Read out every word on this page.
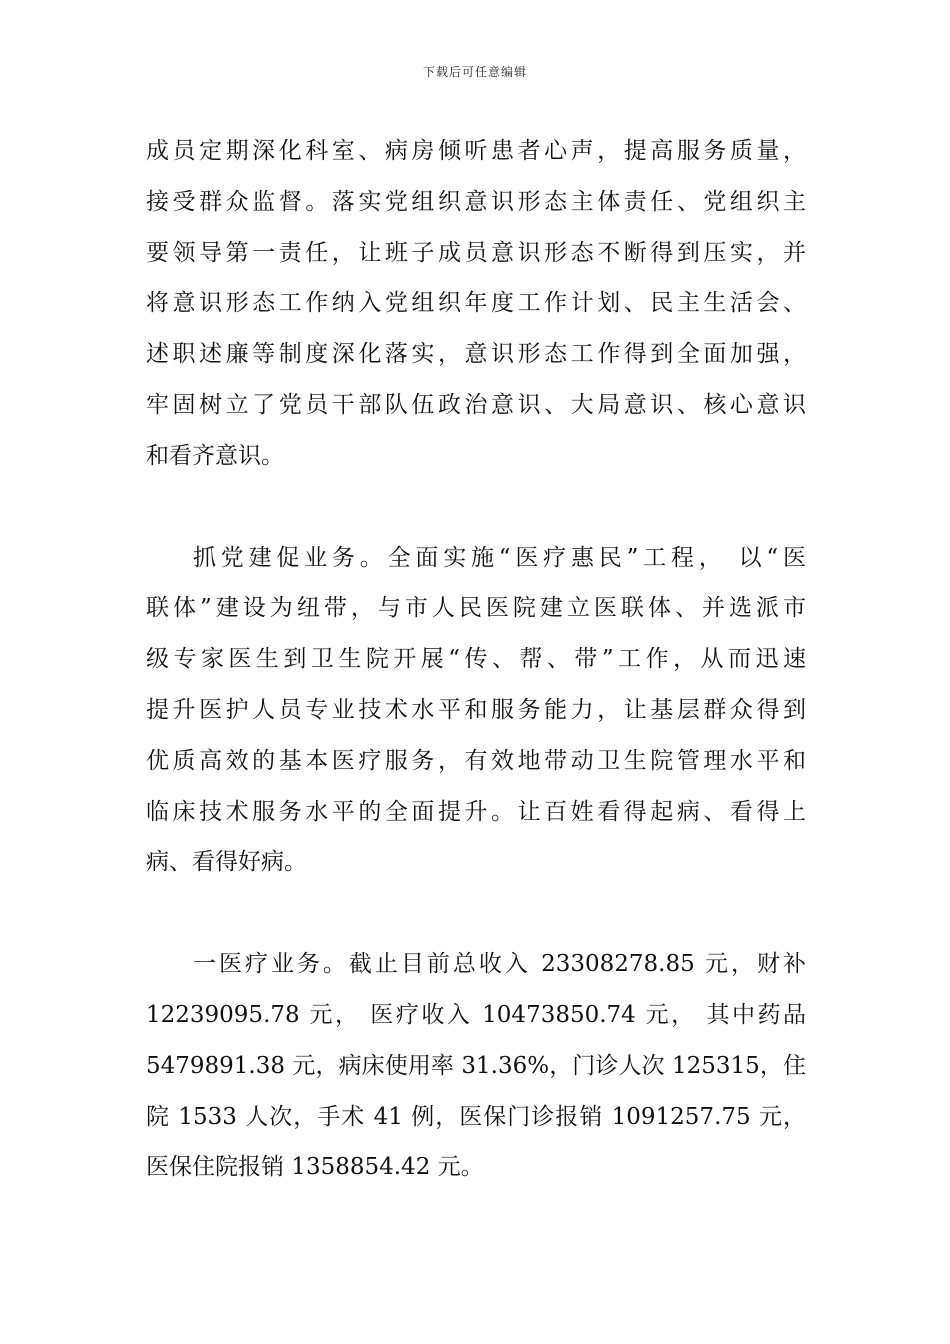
下载后可任意编辑
成员定期深化科室、病房倾听患者心声，提高服务质量，
接受群众监督。落实党组织意识形态主体责任、党组织主
要领导第一责任，让班子成员意识形态不断得到压实，并
将意识形态工作纳入党组织年度工作计划、民主生活会、
述职述廉等制度深化落实，意识形态工作得到全面加强，
牢固树立了党员干部队伍政治意识、大局意识、核心意识
和看齐意识。
抓党建促业务。全面实施“医疗惠民”工程， 以“医
联体”建设为纽带，与市人民医院建立医联体、并选派市
级专家医生到卫生院开展“传、帮、带”工作，从而迅速
提升医护人员专业技术水平和服务能力，让基层群众得到
优质高效的基本医疗服务，有效地带动卫生院管理水平和
临床技术服务水平的全面提升。让百姓看得起病、看得上
病、看得好病。
一医疗业务。截止目前总收入 23308278.85 元，财补
12239095.78 元， 医疗收入 10473850.74 元， 其中药品
5479891.38 元，病床使用率 31.36%，门诊人次 125315，住
院 1533 人次，手术 41 例，医保门诊报销 1091257.75 元，
医保住院报销 1358854.42 元。
